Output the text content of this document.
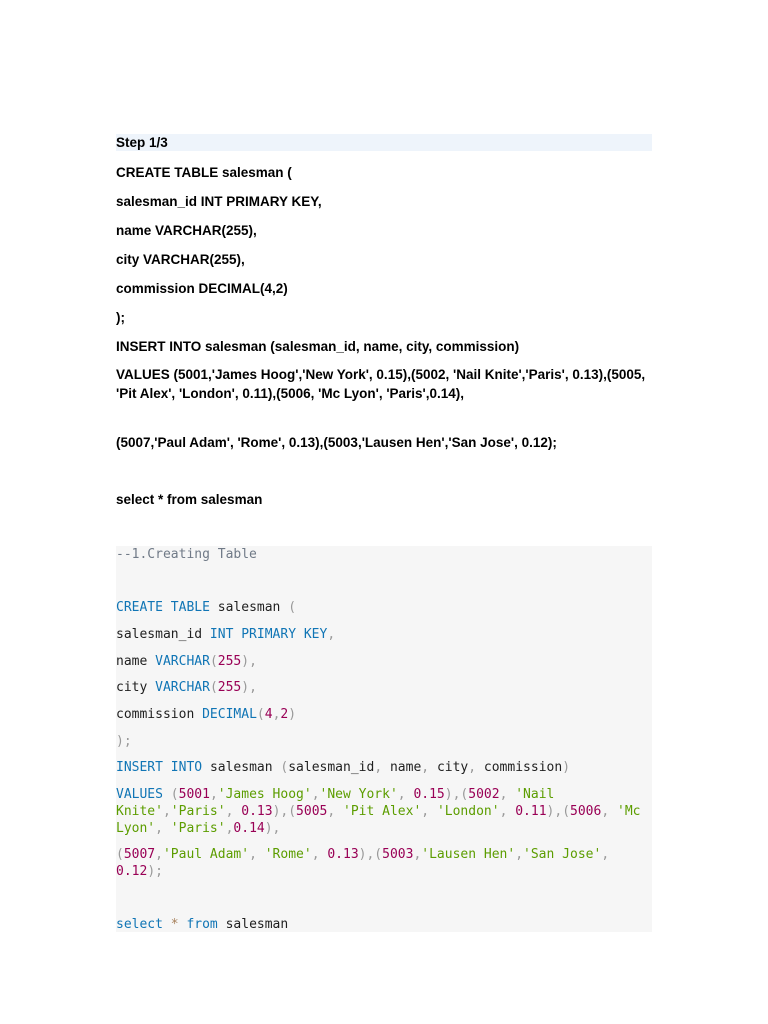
Step 1/3

CREATE TABLE salesman (

salesman_id INT PRIMARY KEY,

name VARCHAR(255),

city VARCHAR(255),

commission DECIMAL(4,2)

);

INSERT INTO salesman (salesman_id, name, city, commission)

VALUES (5001,'James Hoog','New York', 0.15),(5002, 'Nail Knite','Paris', 0.13),(5005, 'Pit Alex', 'London', 0.11),(5006, 'Mc Lyon', 'Paris',0.14),

(5007,'Paul Adam', 'Rome', 0.13),(5003,'Lausen Hen','San Jose', 0.12);

select * from salesman

--1.Creating Table
CREATE TABLE salesman (
salesman_id INT PRIMARY KEY,
name VARCHAR(255),
city VARCHAR(255),
commission DECIMAL(4,2)
);
INSERT INTO salesman (salesman_id, name, city, commission)
VALUES (5001,'James Hoog','New York', 0.15),(5002, 'Nail Knite','Paris', 0.13),(5005, 'Pit Alex', 'London', 0.11),(5006, 'Mc Lyon', 'Paris',0.14),
(5007,'Paul Adam', 'Rome', 0.13),(5003,'Lausen Hen','San Jose', 0.12);
select * from salesman
